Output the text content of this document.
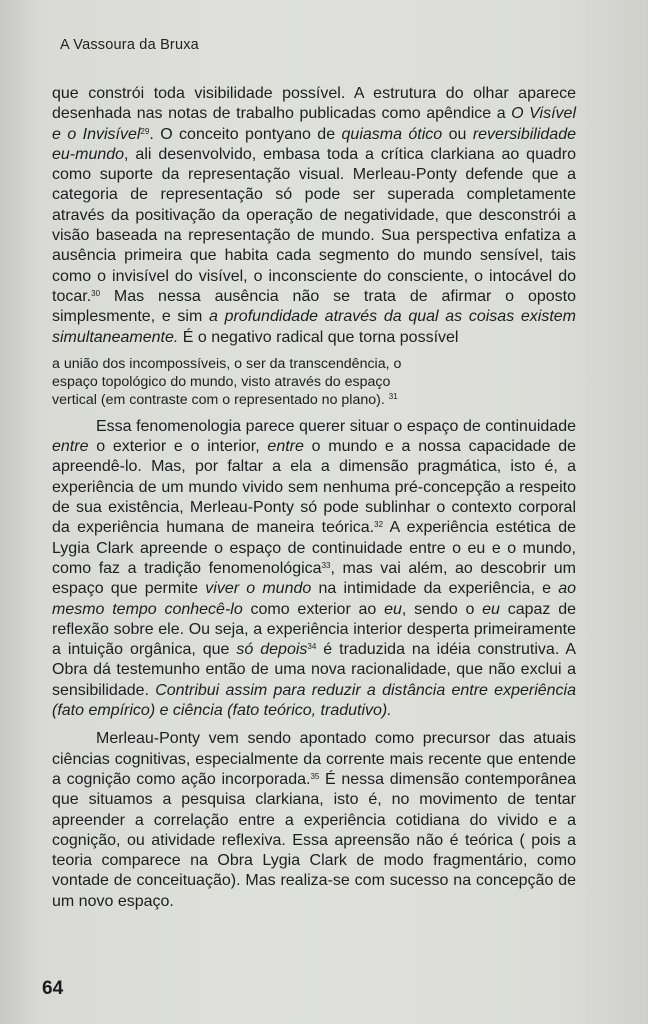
A Vassoura da Bruxa

que constrói toda visibilidade possível. A estrutura do olhar aparece desenhada nas notas de trabalho publicadas como apêndice a O Visível e o Invisível$^{29}$. O conceito pontyano de quiasma ótico ou reversibilidade eu-mundo, ali desenvolvido, embasa toda a crítica clarkiana ao quadro como suporte da representação visual. Merleau-Ponty defende que a categoria de representação só pode ser superada completamente através da positivação da operação de negatividade, que desconstrói a visão baseada na representação de mundo. Sua perspectiva enfatiza a ausência primeira que habita cada segmento do mundo sensível, tais como o invisível do visível, o inconsciente do consciente, o intocável do tocar.$^{30}$ Mas nessa ausência não se trata de afirmar o oposto simplesmente, e sim a profundidade através da qual as coisas existem simultaneamente. É o negativo radical que torna possível

a união dos incompossíveis, o ser da transcendência, o espaço topológico do mundo, visto através do espaço vertical (em contraste com o representado no plano). $^{31}$

Essa fenomenologia parece querer situar o espaço de continuidade entre o exterior e o interior, entre o mundo e a nossa capacidade de apreendê-lo. Mas, por faltar a ela a dimensão pragmática, isto é, a experiência de um mundo vivido sem nenhuma pré-concepção a respeito de sua existência, Merleau-Ponty só pode sublinhar o contexto corporal da experiência humana de maneira teórica.$^{32}$ A experiência estética de Lygia Clark apreende o espaço de continuidade entre o eu e o mundo, como faz a tradição fenomenológica$^{33}$, mas vai além, ao descobrir um espaço que permite viver o mundo na intimidade da experiência, e ao mesmo tempo conhecê-lo como exterior ao eu, sendo o eu capaz de reflexão sobre ele. Ou seja, a experiência interior desperta primeiramente a intuição orgânica, que só depois$^{34}$ é traduzida na idéia construtiva. A Obra dá testemunho então de uma nova racionalidade, que não exclui a sensibilidade. Contribui assim para reduzir a distância entre experiência (fato empírico) e ciência (fato teórico, tradutivo).

Merleau-Ponty vem sendo apontado como precursor das atuais ciências cognitivas, especialmente da corrente mais recente que entende a cognição como ação incorporada.$^{35}$ É nessa dimensão contemporânea que situamos a pesquisa clarkiana, isto é, no movimento de tentar apreender a correlação entre a experiência cotidiana do vivido e a cognição, ou atividade reflexiva. Essa apreensão não é teórica ( pois a teoria comparece na Obra Lygia Clark de modo fragmentário, como vontade de conceituação). Mas realiza-se com sucesso na concepção de um novo espaço.

64
